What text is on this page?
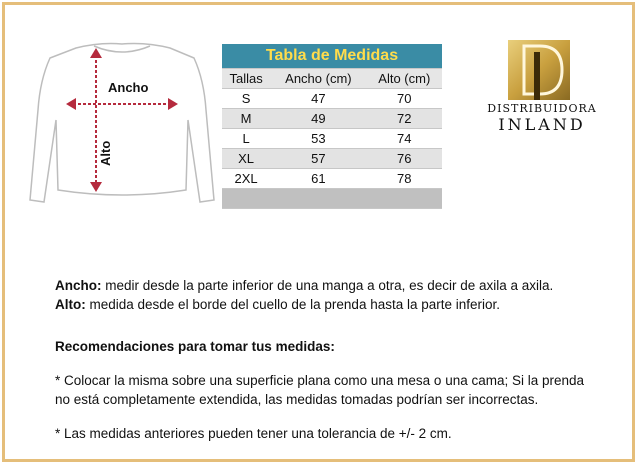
Ancho
Alto
Tabla de Medidas		
Tallas	Ancho (cm)	Alto (cm)
S	47	70
M	49	72
L	53	74
XL	57	76
2XL	61	78

DISTRIBUIDORA
INLAND
Ancho: medir desde la parte inferior de una manga a otra, es decir de axila a axila.
Alto: medida desde el borde del cuello de la prenda hasta la parte inferior.
Recomendaciones para tomar tus medidas:
* Colocar la misma sobre una superficie plana como una mesa o una cama; Si la prenda
no está completamente extendida, las medidas tomadas podrían ser incorrectas.
* Las medidas anteriores pueden tener una tolerancia de +/- 2 cm.
